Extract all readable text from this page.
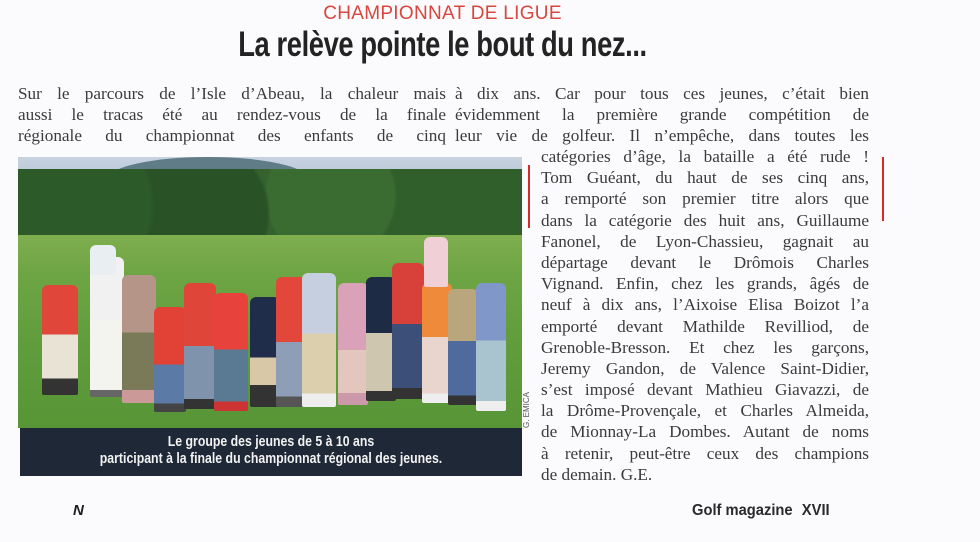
CHAMPIONNAT DE LIGUE
La relève pointe le bout du nez...
Sur le parcours de l’Isle d’Abeau, la chaleur mais
aussi le tracas été au rendez-vous de la finale
régionale du championnat des enfants de cinq
à dix ans. Car pour tous ces jeunes, c’était bien
évidemment la première grande compétition de
leur vie de golfeur. Il n’empêche, dans toutes les
catégories d’âge, la bataille a été rude !
Tom Guéant, du haut de ses cinq ans,
a remporté son premier titre alors que
dans la catégorie des huit ans, Guillaume
Fanonel, de Lyon-Chassieu, gagnait au
départage devant le Drômois Charles
Vignand. Enfin, chez les grands, âgés de
neuf à dix ans, l’Aixoise Elisa Boizot l’a
emporté devant Mathilde Revilliod, de
Grenoble-Bresson. Et chez les garçons,
Jeremy Gandon, de Valence Saint-Didier,
s’est imposé devant Mathieu Giavazzi, de
la Drôme-Provençale, et Charles Almeida,
de Mionnay-La Dombes. Autant de noms
à retenir, peut-être ceux des champions
de demain. G.E.
Le groupe des jeunes de 5 à 10 ans
participant à la finale du championnat régional des jeunes.
G. EMICA
N	Golf magazine XVII
